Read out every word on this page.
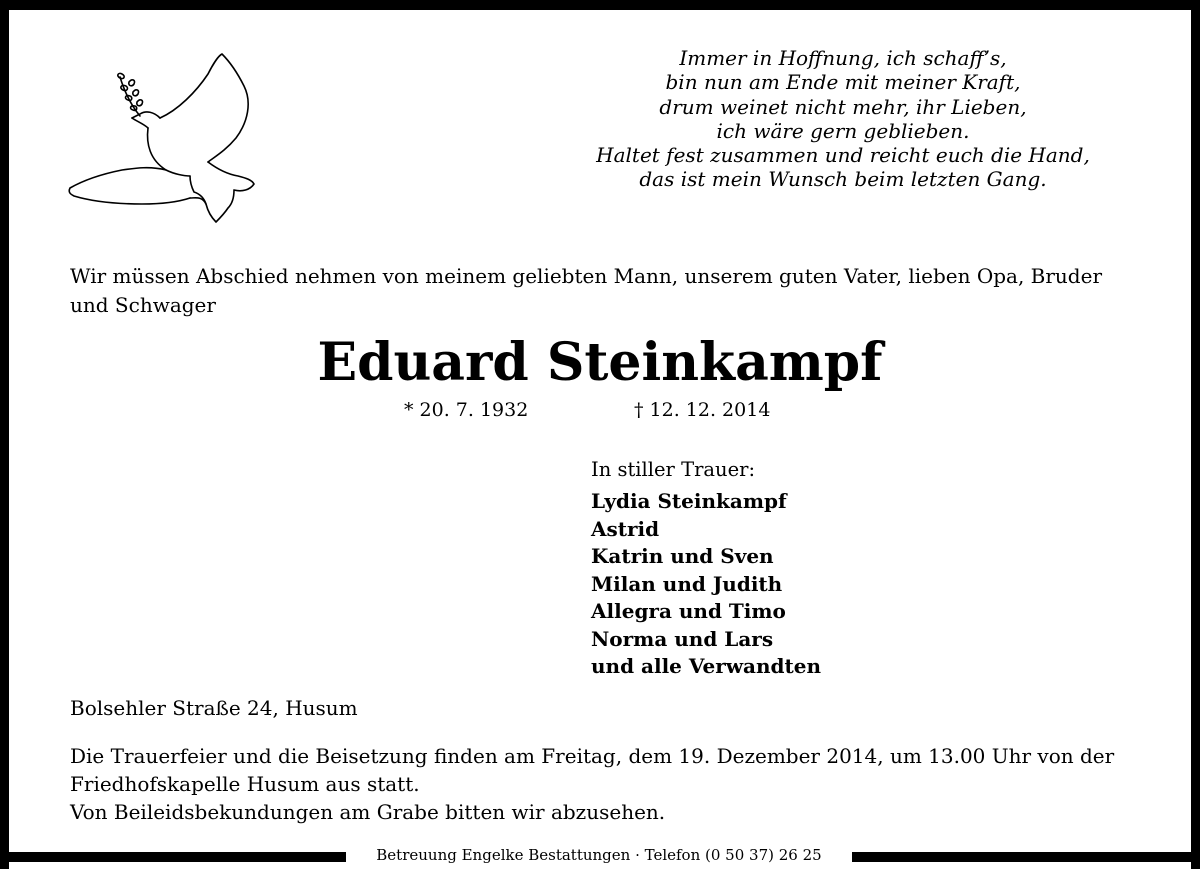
Immer in Hoffnung, ich schaff’s,
bin nun am Ende mit meiner Kraft,
drum weinet nicht mehr, ihr Lieben,
ich wäre gern geblieben.
Haltet fest zusammen und reicht euch die Hand,
das ist mein Wunsch beim letzten Gang.
Wir müssen Abschied nehmen von meinem geliebten Mann, unserem guten Vater, lieben Opa, Bruder und Schwager
Eduard Steinkampf
* 20. 7. 1932	† 12. 12. 2014
In stiller Trauer:
Lydia Steinkampf
Astrid
Katrin und Sven
Milan und Judith
Allegra und Timo
Norma und Lars
und alle Verwandten
Bolsehler Straße 24, Husum
Die Trauerfeier und die Beisetzung finden am Freitag, dem 19. Dezember 2014, um 13.00 Uhr von der Friedhofskapelle Husum aus statt.
Von Beileidsbekundungen am Grabe bitten wir abzusehen.
Betreuung Engelke Bestattungen · Telefon (0 50 37) 26 25
